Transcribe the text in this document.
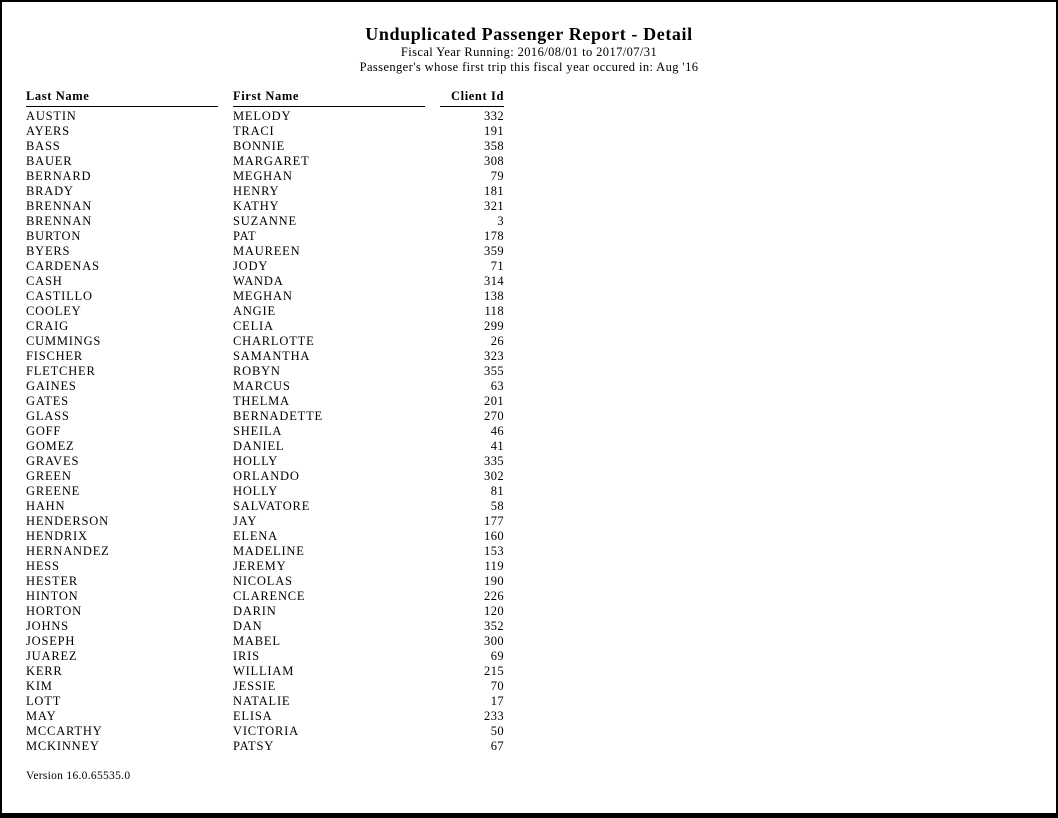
Unduplicated Passenger Report - Detail
Fiscal Year Running: 2016/08/01 to 2017/07/31
Passenger's whose first trip this fiscal year occured in: Aug '16
Last Name	First Name	Client Id
AUSTIN	MELODY	332
AYERS	TRACI	191
BASS	BONNIE	358
BAUER	MARGARET	308
BERNARD	MEGHAN	79
BRADY	HENRY	181
BRENNAN	KATHY	321
BRENNAN	SUZANNE	3
BURTON	PAT	178
BYERS	MAUREEN	359
CARDENAS	JODY	71
CASH	WANDA	314
CASTILLO	MEGHAN	138
COOLEY	ANGIE	118
CRAIG	CELIA	299
CUMMINGS	CHARLOTTE	26
FISCHER	SAMANTHA	323
FLETCHER	ROBYN	355
GAINES	MARCUS	63
GATES	THELMA	201
GLASS	BERNADETTE	270
GOFF	SHEILA	46
GOMEZ	DANIEL	41
GRAVES	HOLLY	335
GREEN	ORLANDO	302
GREENE	HOLLY	81
HAHN	SALVATORE	58
HENDERSON	JAY	177
HENDRIX	ELENA	160
HERNANDEZ	MADELINE	153
HESS	JEREMY	119
HESTER	NICOLAS	190
HINTON	CLARENCE	226
HORTON	DARIN	120
JOHNS	DAN	352
JOSEPH	MABEL	300
JUAREZ	IRIS	69
KERR	WILLIAM	215
KIM	JESSIE	70
LOTT	NATALIE	17
MAY	ELISA	233
MCCARTHY	VICTORIA	50
MCKINNEY	PATSY	67
Version 16.0.65535.0
